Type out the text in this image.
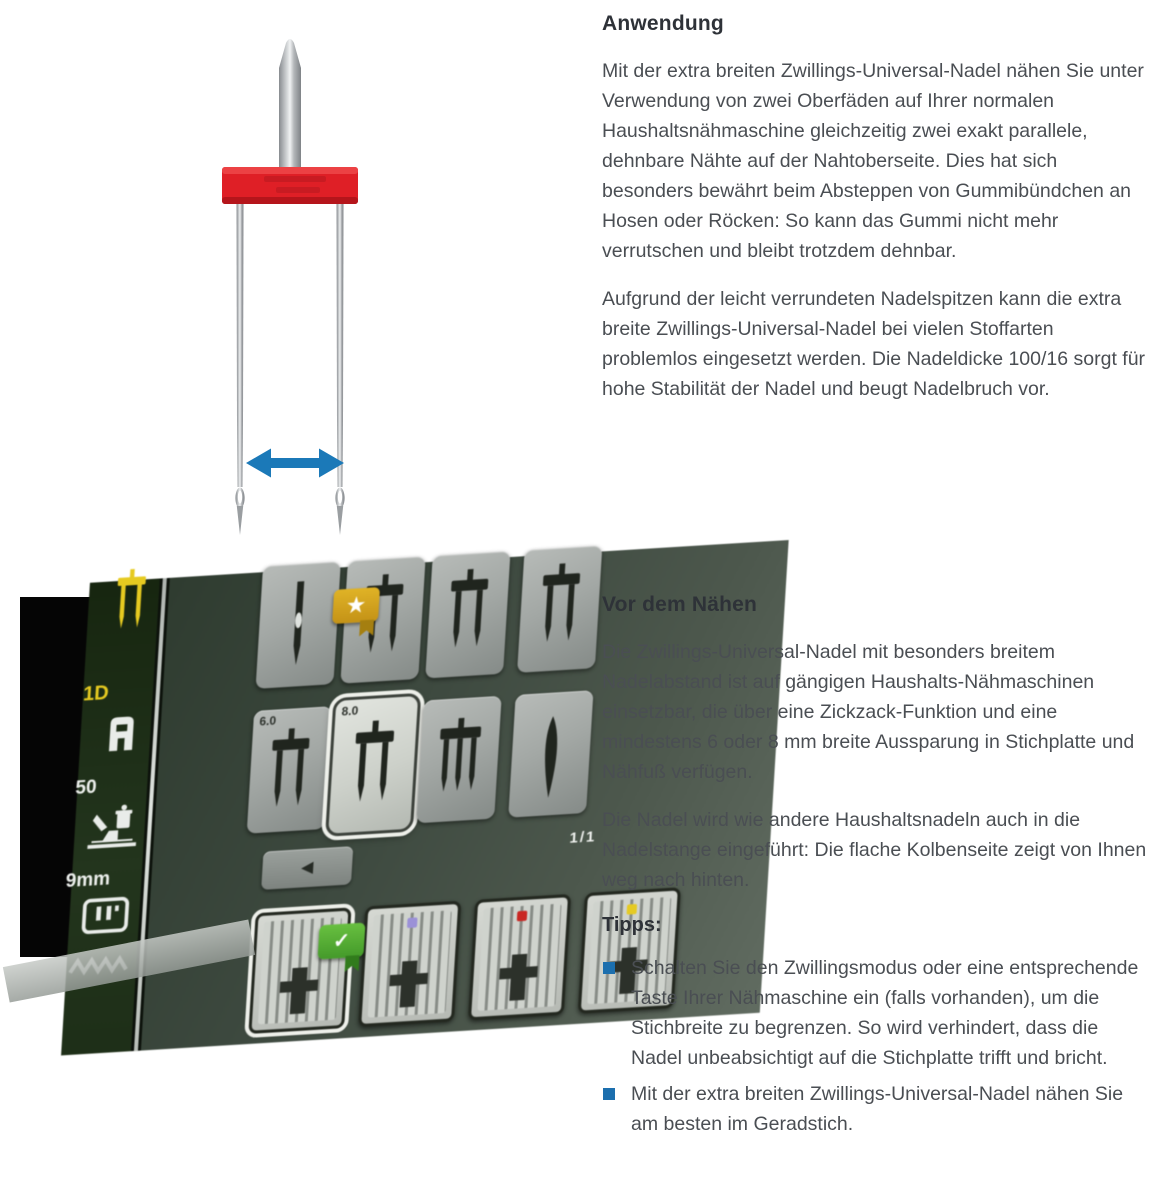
Anwendung

Mit der extra breiten Zwillings-Universal-Nadel nähen Sie unter Verwendung von zwei Oberfäden auf Ihrer normalen Haushaltsnähmaschine gleichzeitig zwei exakt parallele, dehnbare Nähte auf der Nahtoberseite. Dies hat sich besonders bewährt beim Absteppen von Gummibündchen an Hosen oder Röcken: So kann das Gummi nicht mehr verrutschen und bleibt trotzdem dehnbar.

Aufgrund der leicht verrundeten Nadelspitzen kann die extra breite Zwillings-Universal-Nadel bei vielen Stoffarten problemlos eingesetzt werden. Die Nadeldicke 100/16 sorgt für hohe Stabilität der Nadel und beugt Nadelbruch vor.

1D
50
9mm
6.0
8.0
◀
1/1
★
✓
Vor dem Nähen

Die Zwillings-Universal-Nadel mit besonders breitem Nadelabstand ist auf gängigen Haushalts-Nähmaschinen einsetzbar, die über eine Zickzack-Funktion und eine mindestens 6 oder 8 mm breite Aussparung in Stichplatte und Nähfuß verfügen.

Die Nadel wird wie andere Haushaltsnadeln auch in die Nadelstange eingeführt: Die flache Kolbenseite zeigt von Ihnen weg nach hinten.

Tipps:
Schalten Sie den Zwillingsmodus oder eine entsprechende Taste Ihrer Nähmaschine ein (falls vorhanden), um die Stichbreite zu begrenzen. So wird verhindert, dass die Nadel unbeabsichtigt auf die Stichplatte trifft und bricht.
Mit der extra breiten Zwillings-Universal-Nadel nähen Sie am besten im Geradstich.
